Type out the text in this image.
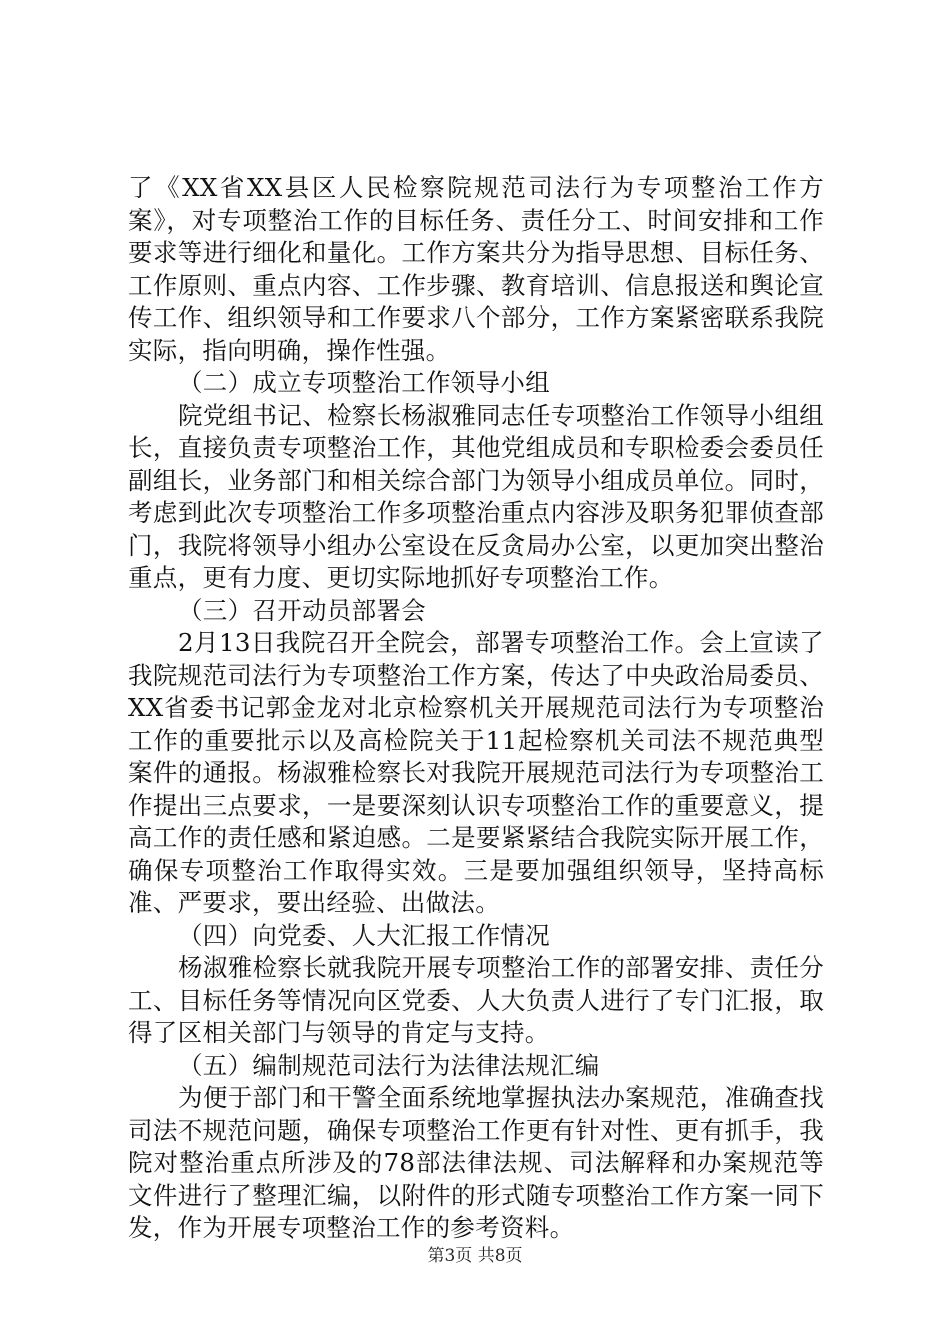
了《XX省XX县区人民检察院规范司法行为专项整治工作方案》，对专项整治工作的目标任务、责任分工、时间安排和工作要求等进行细化和量化。工作方案共分为指导思想、目标任务、工作原则、重点内容、工作步骤、教育培训、信息报送和舆论宣传工作、组织领导和工作要求八个部分，工作方案紧密联系我院实际，指向明确，操作性强。

（二）成立专项整治工作领导小组

院党组书记、检察长杨淑雅同志任专项整治工作领导小组组长，直接负责专项整治工作，其他党组成员和专职检委会委员任副组长，业务部门和相关综合部门为领导小组成员单位。同时，考虑到此次专项整治工作多项整治重点内容涉及职务犯罪侦查部门，我院将领导小组办公室设在反贪局办公室，以更加突出整治重点，更有力度、更切实际地抓好专项整治工作。

（三）召开动员部署会

2月13日我院召开全院会，部署专项整治工作。会上宣读了我院规范司法行为专项整治工作方案，传达了中央政治局委员、XX省委书记郭金龙对北京检察机关开展规范司法行为专项整治工作的重要批示以及高检院关于11起检察机关司法不规范典型案件的通报。杨淑雅检察长对我院开展规范司法行为专项整治工作提出三点要求，一是要深刻认识专项整治工作的重要意义，提高工作的责任感和紧迫感。二是要紧紧结合我院实际开展工作，确保专项整治工作取得实效。三是要加强组织领导，坚持高标准、严要求，要出经验、出做法。

（四）向党委、人大汇报工作情况

杨淑雅检察长就我院开展专项整治工作的部署安排、责任分工、目标任务等情况向区党委、人大负责人进行了专门汇报，取得了区相关部门与领导的肯定与支持。

（五）编制规范司法行为法律法规汇编

为便于部门和干警全面系统地掌握执法办案规范，准确查找司法不规范问题，确保专项整治工作更有针对性、更有抓手，我院对整治重点所涉及的78部法律法规、司法解释和办案规范等文件进行了整理汇编，以附件的形式随专项整治工作方案一同下发，作为开展专项整治工作的参考资料。

第3页 共8页
